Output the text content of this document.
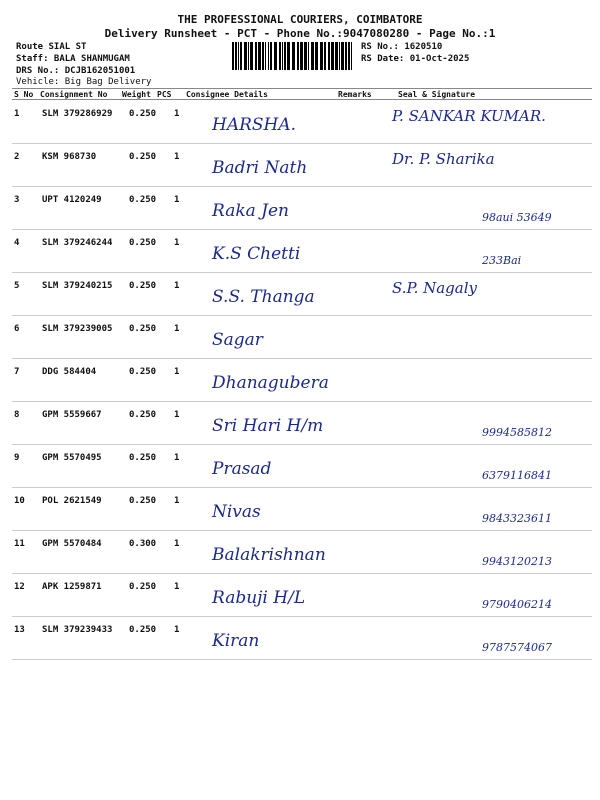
THE PROFESSIONAL COURIERS, COIMBATORE
Delivery Runsheet - PCT - Phone No.:9047080280 - Page No.:1
Route SIAL ST
Staff: BALA SHANMUGAM
DRS No.: DCJB162051001
Vehicle: Big Bag Delivery
RS No.: 1620510
RS Date: 01-Oct-2025
S No Consignment No Weight PCS Consignee Details	Remarks	Seal & Signature
1	SLM 379286929 0.250 1
HARSHA.	P. SANKAR KUMAR.
2	KSM 968730	0.250 1
Badri Nath	Dr. P. Sharika
3	UPT 4120249	0.250 1
Raka Jen	98aui 53649
4	SLM 379246244 0.250 1
K.S Chetti	233Bai
5	SLM 379240215 0.250 1
S.S. Thanga	S.P. Nagaly
6	SLM 379239005 0.250 1
Sagar
7	DDG 584404	0.250 1
Dhanagubera
8	GPM 5559667	0.250 1
Sri Hari H/m	9994585812
9	GPM 5570495	0.250 1
Prasad	6379116841
10 POL 2621549	0.250 1
Nivas	9843323611
11 GPM 5570484	0.300 1
Balakrishnan	9943120213
12 APK 1259871	0.250 1
Rabuji H/L	9790406214
13 SLM 379239433 0.250 1
Kiran	9787574067
